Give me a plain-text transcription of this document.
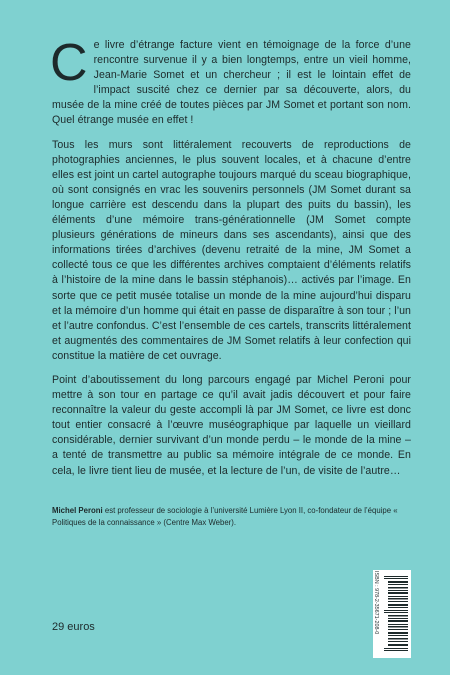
Ce livre d’étrange facture vient en témoignage de la force d’une rencontre survenue il y a bien longtemps, entre un vieil homme, Jean-Marie Somet et un chercheur ; il est le lointain effet de l’impact suscité chez ce dernier par sa découverte, alors, du musée de la mine créé de toutes pièces par JM Somet et portant son nom. Quel étrange musée en effet !

Tous les murs sont littéralement recouverts de reproductions de photographies anciennes, le plus souvent locales, et à chacune d’entre elles est joint un cartel autographe toujours marqué du sceau biographique, où sont consignés en vrac les souvenirs personnels (JM Somet durant sa longue carrière est descendu dans la plupart des puits du bassin), les éléments d’une mémoire trans-générationnelle (JM Somet compte plusieurs générations de mineurs dans ses ascendants), ainsi que des informations tirées d’archives (devenu retraité de la mine, JM Somet a collecté tous ce que les différentes archives comptaient d’éléments relatifs à l’histoire de la mine dans le bassin stéphanois)… activés par l’image. En sorte que ce petit musée totalise un monde de la mine aujourd’hui disparu et la mémoire d’un homme qui était en passe de disparaître à son tour ; l’un et l’autre confondus. C’est l’ensemble de ces cartels, transcrits littéralement et augmentés des commentaires de JM Somet relatifs à leur confection qui constitue la matière de cet ouvrage.

Point d’aboutissement du long parcours engagé par Michel Peroni pour mettre à son tour en partage ce qu’il avait jadis découvert et pour faire reconnaître la valeur du geste accompli là par JM Somet, ce livre est donc tout entier consacré à l’œuvre muséographique par laquelle un vieillard considérable, dernier survivant d’un monde perdu – le monde de la mine – a tenté de transmettre au public sa mémoire intégrale de ce monde. En cela, le livre tient lieu de musée, et la lecture de l’un, de visite de l’autre…

Michel Peroni est professeur de sociologie à l’université Lumière Lyon II, co-fondateur de l’équipe « Politiques de la connaissance » (Centre Max Weber).
29 euros	ISBN : 978-2-35671-208-0
